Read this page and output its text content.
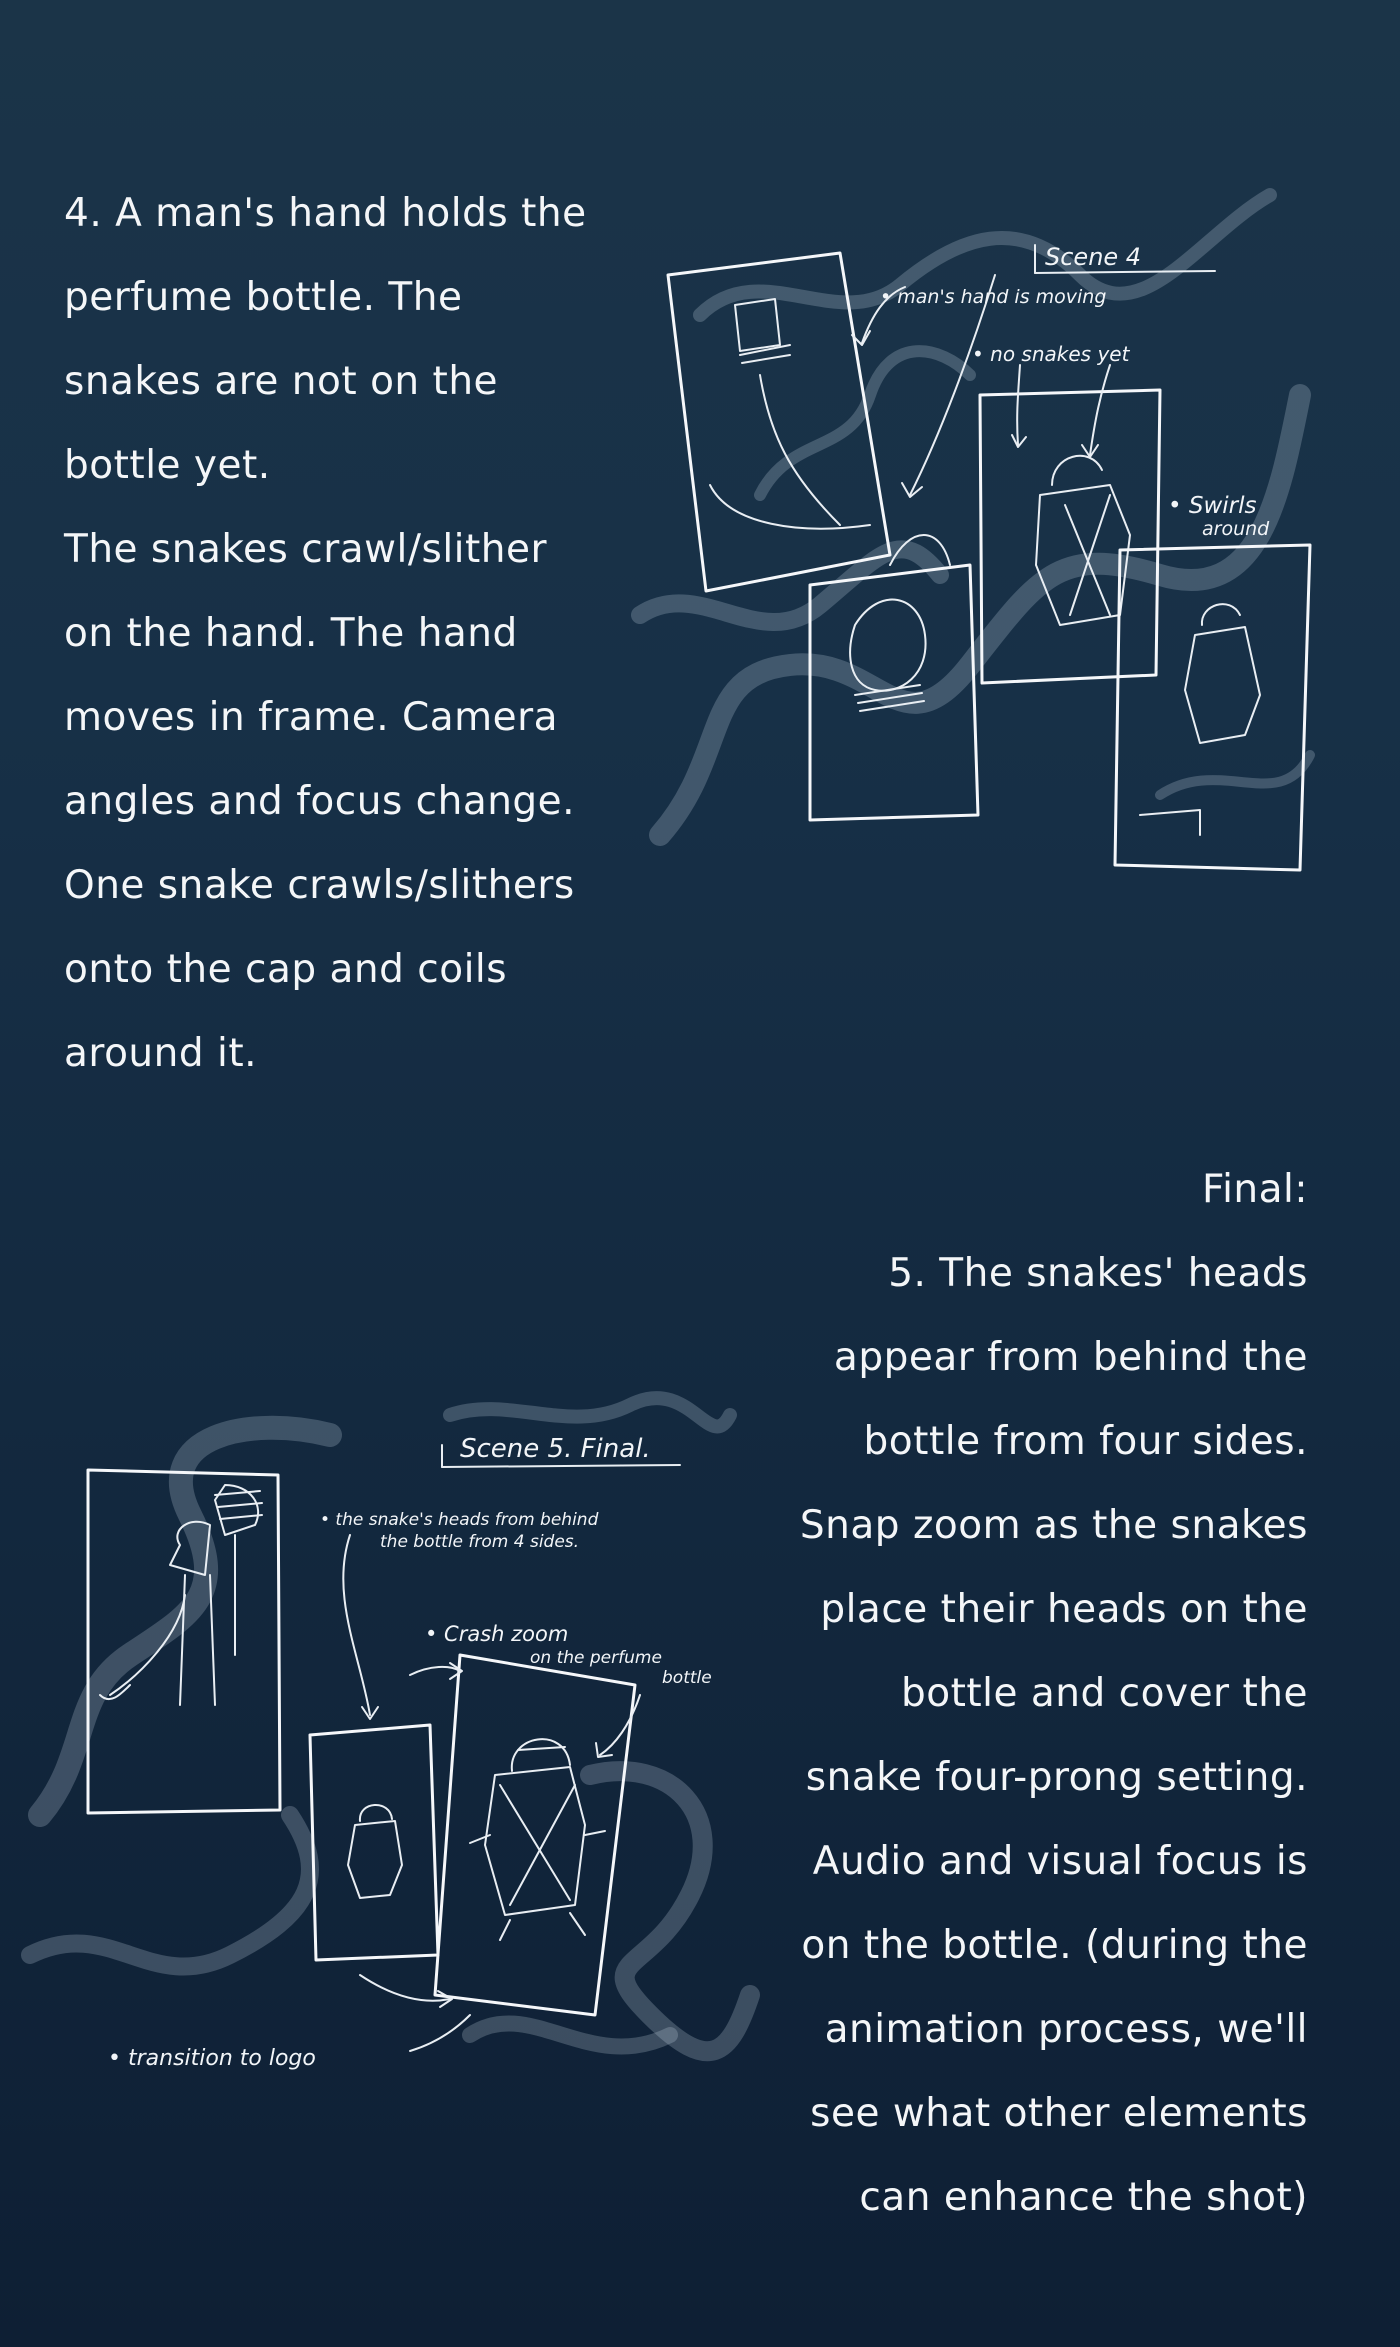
4. A man's hand holds the
perfume bottle. The
snakes are not on the
bottle yet.
The snakes crawl/slither
on the hand. The hand
moves in frame. Camera
angles and focus change.
One snake crawls/slithers
onto the cap and coils
around it.
Scene 4
• man's hand is moving
• no snakes yet
• Swirls
around
Final:
5. The snakes' heads
appear from behind the
bottle from four sides.
Snap zoom as the snakes
place their heads on the
bottle and cover the
snake four-prong setting.
Audio and visual focus is
on the bottle. (during the
animation process, we'll
see what other elements
can enhance the shot)
Scene 5. Final.
• the snake's heads from behind
the bottle from 4 sides.
• Crash zoom
on the perfume
bottle
• transition to logo
